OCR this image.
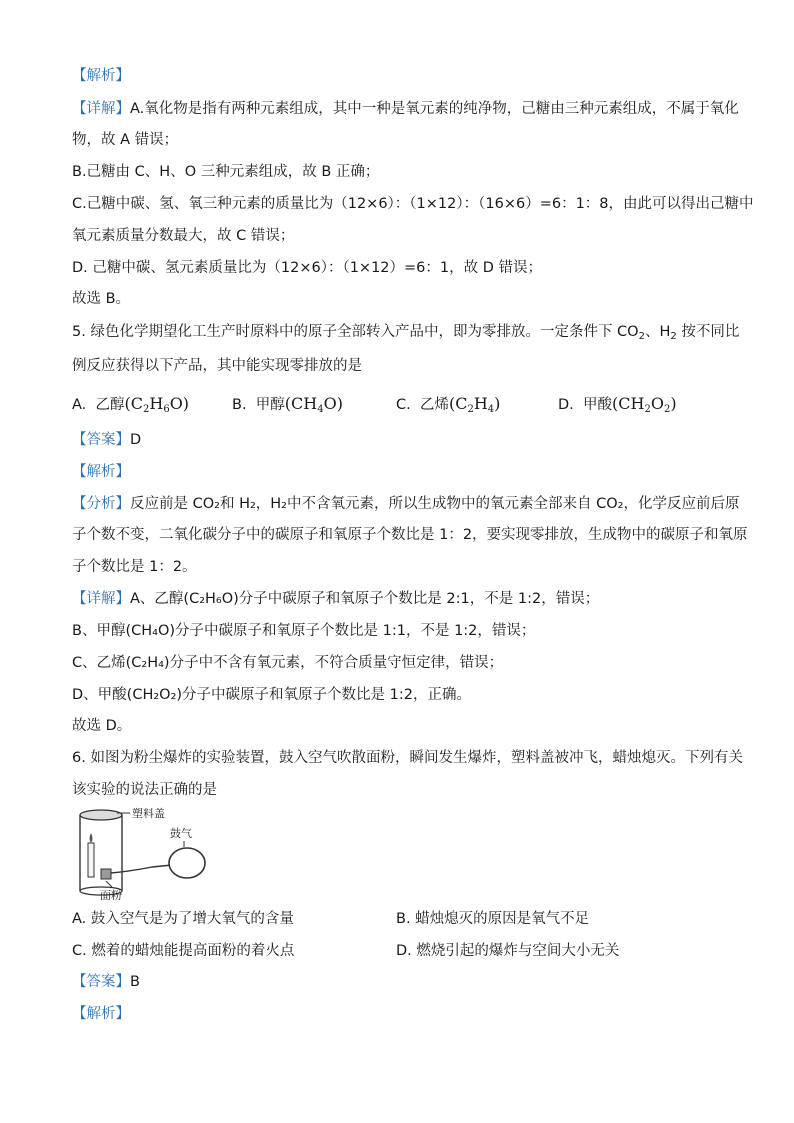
【解析】
【详解】A.氧化物是指有两种元素组成，其中一种是氧元素的纯净物，己糖由三种元素组成，不属于氧化
物，故 A 错误；
B.己糖由 C、H、O 三种元素组成，故 B 正确；
C.己糖中碳、氢、氧三种元素的质量比为（12×6）：（1×12）：（16×6）=6：1：8，由此可以得出己糖中
氧元素质量分数最大，故 C 错误；
D. 己糖中碳、氢元素质量比为（12×6）：（1×12）=6：1，故 D 错误；
故选 B。
5. 绿色化学期望化工生产时原料中的原子全部转入产品中，即为零排放。一定条件下 $CO_2$、$H_2$ 按不同比
例反应获得以下产品，其中能实现零排放的是
A. 乙醇$(C_2H_6O)$	B. 甲醇$(CH_4O)$	C. 乙烯$(C_2H_4)$	D. 甲酸$(CH_2O_2)$
【答案】D
【解析】
【分析】反应前是 CO₂和 H₂，H₂中不含氧元素，所以生成物中的氧元素全部来自 CO₂，化学反应前后原
子个数不变，二氧化碳分子中的碳原子和氧原子个数比是 1：2，要实现零排放，生成物中的碳原子和氧原
子个数比是 1：2。
【详解】A、乙醇(C₂H₆O)分子中碳原子和氧原子个数比是 2:1，不是 1:2，错误；
B、甲醇(CH₄O)分子中碳原子和氧原子个数比是 1:1，不是 1:2，错误；
C、乙烯(C₂H₄)分子中不含有氧元素，不符合质量守恒定律，错误；
D、甲酸(CH₂O₂)分子中碳原子和氧原子个数比是 1:2，正确。
故选 D。
6. 如图为粉尘爆炸的实验装置，鼓入空气吹散面粉，瞬间发生爆炸，塑料盖被冲飞，蜡烛熄灭。下列有关
该实验的说法正确的是
塑料盖
鼓气
面粉
A. 鼓入空气是为了增大氧气的含量	B. 蜡烛熄灭的原因是氧气不足
C. 燃着的蜡烛能提高面粉的着火点	D. 燃烧引起的爆炸与空间大小无关
【答案】B
【解析】
